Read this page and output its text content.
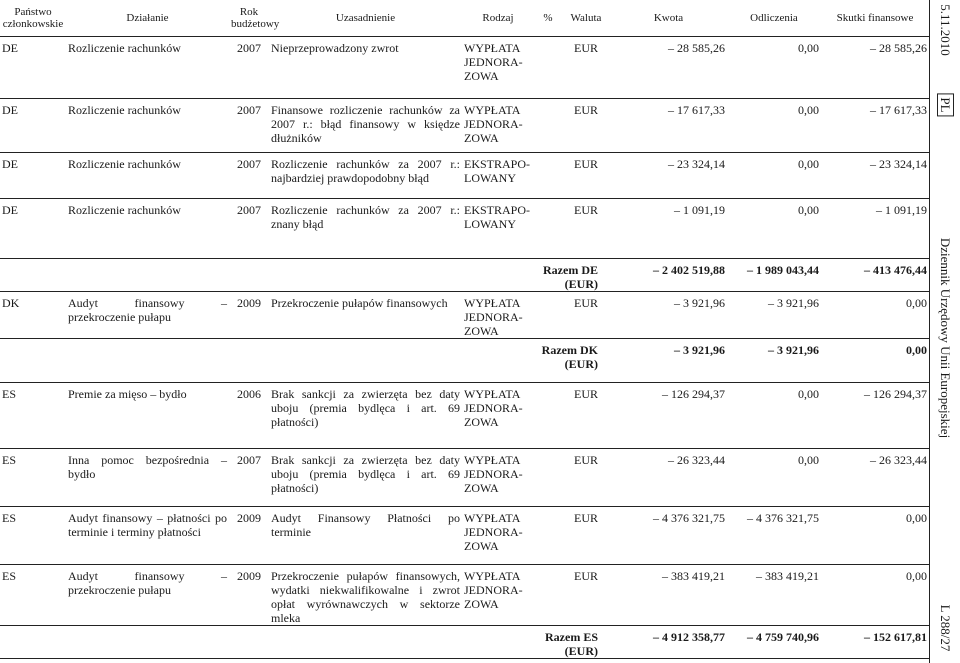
Państwo członkowskie	Działanie	Rok budżetowy	Uzasadnienie	Rodzaj	%	Waluta	Kwota	Odliczenia	Skutki finansowe
DE	Rozliczenie rachunków	2007	Nieprzeprowadzony zwrot	WYPŁATA JEDNORA-ZOWA		EUR	– 28 585,26	0,00	– 28 585,26
DE	Rozliczenie rachunków	2007	Finansowe rozliczenie rachunków za 2007 r.: błąd finansowy w księdze dłużników	WYPŁATA JEDNORA-ZOWA		EUR	– 17 617,33	0,00	– 17 617,33
DE	Rozliczenie rachunków	2007	Rozliczenie rachunków za 2007 r.: najbardziej prawdopodobny błąd	EKSTRAPO-LOWANY		EUR	– 23 324,14	0,00	– 23 324,14
DE	Rozliczenie rachunków	2007	Rozliczenie rachunków za 2007 r.: znany błąd	EKSTRAPO-LOWANY		EUR	– 1 091,19	0,00	– 1 091,19
					Razem DE (EUR)		– 2 402 519,88	– 1 989 043,44	– 413 476,44
DK	Audyt finansowy – przekroczenie pułapu	2009	Przekroczenie pułapów finansowych	WYPŁATA JEDNORA-ZOWA		EUR	– 3 921,96	– 3 921,96	0,00
					Razem DK (EUR)		– 3 921,96	– 3 921,96	0,00
ES	Premie za mięso – bydło	2006	Brak sankcji za zwierzęta bez daty uboju (premia bydlęca i art. 69 płatności)	WYPŁATA JEDNORA-ZOWA		EUR	– 126 294,37	0,00	– 126 294,37
ES	Inna pomoc bezpośrednia – bydło	2007	Brak sankcji za zwierzęta bez daty uboju (premia bydlęca i art. 69 płatności)	WYPŁATA JEDNORA-ZOWA		EUR	– 26 323,44	0,00	– 26 323,44
ES	Audyt finansowy – płatności po terminie i terminy płatności	2009	Audyt Finansowy Płatności po terminie	WYPŁATA JEDNORA-ZOWA		EUR	– 4 376 321,75	– 4 376 321,75	0,00
ES	Audyt finansowy – przekroczenie pułapu	2009	Przekroczenie pułapów finansowych, wydatki niekwalifikowalne i zwrot opłat wyrównawczych w sektorze mleka	WYPŁATA JEDNORA-ZOWA		EUR	– 383 419,21	– 383 419,21	0,00
					Razem ES (EUR)		– 4 912 358,77	– 4 759 740,96	– 152 617,81
5.11.2010
PL
Dziennik Urzędowy Unii Europejskiej
L 288/27
